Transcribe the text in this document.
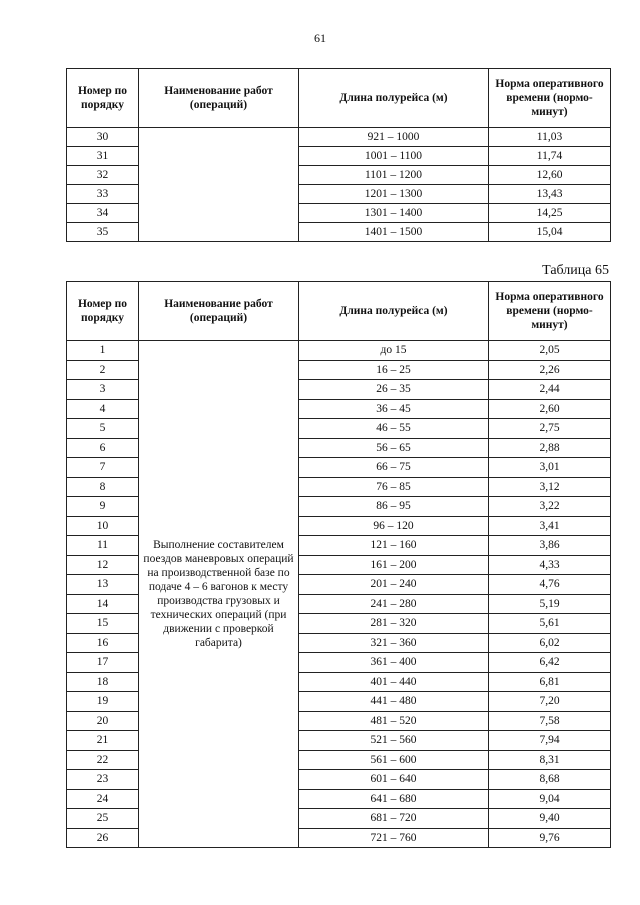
61
Номер по порядку	Наименование работ (операций)	Длина полурейса (м)	Норма оперативного времени (нормо-минут)
30		921 – 1000	11,03
31		1001 – 1100	11,74
32		1101 – 1200	12,60
33		1201 – 1300	13,43
34		1301 – 1400	14,25
35		1401 – 1500	15,04
Таблица 65
Номер по порядку	Наименование работ (операций)	Длина полурейса (м)	Норма оперативного времени (нормо-минут)
1	Выполнение составителем поездов маневровых операций на производственной базе по подаче 4 – 6 вагонов к месту производства грузовых и технических операций (при движении с проверкой габарита)	до 15	2,05
2		16 – 25	2,26
3		26 – 35	2,44
4		36 – 45	2,60
5		46 – 55	2,75
6		56 – 65	2,88
7		66 – 75	3,01
8		76 – 85	3,12
9		86 – 95	3,22
10		96 – 120	3,41
11		121 – 160	3,86
12		161 – 200	4,33
13		201 – 240	4,76
14		241 – 280	5,19
15		281 – 320	5,61
16		321 – 360	6,02
17		361 – 400	6,42
18		401 – 440	6,81
19		441 – 480	7,20
20		481 – 520	7,58
21		521 – 560	7,94
22		561 – 600	8,31
23		601 – 640	8,68
24		641 – 680	9,04
25		681 – 720	9,40
26		721 – 760	9,76
